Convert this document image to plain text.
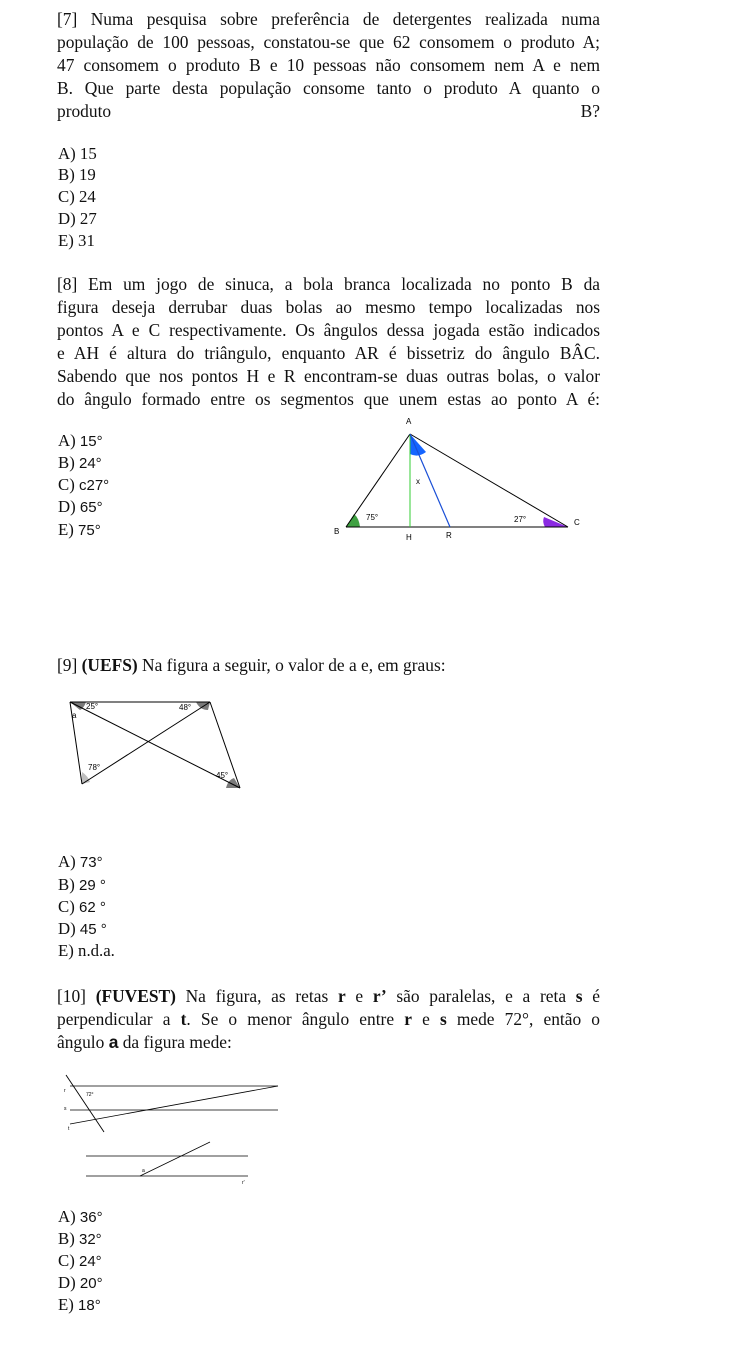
[7] Numa pesquisa sobre preferência de detergentes realizada numa
população de 100 pessoas, constatou-se que 62 consomem o produto A;
47 consomem o produto B e 10 pessoas não consomem nem A e nem
B. Que parte desta população consome tanto o produto A quanto o
produto B?
A) 15
B) 19
C) 24
D) 27
E) 31
[8] Em um jogo de sinuca, a bola branca localizada no ponto B da
figura deseja derrubar duas bolas ao mesmo tempo localizadas nos
pontos A e C respectivamente. Os ângulos dessa jogada estão indicados
e AH é altura do triângulo, enquanto AR é bissetriz do ângulo BÂC.
Sabendo que nos pontos H e R encontram-se duas outras bolas, o valor
do ângulo formado entre os segmentos que unem estas ao ponto A é:
A) 15°
B) 24°
C) c27°
D) 65°
E) 75°
A
B
C
H	R
x
75°	27°
[9] (UEFS) Na figura a seguir, o valor de a e, em graus:
25°
a
48°
78°
45°
A) 73°
B) 29 °
C) 62 °
D) 45 °
E) n.d.a.
[10] (FUVEST) Na figura, as retas r e r’ são paralelas, e a reta s é
perpendicular a t. Se o menor ângulo entre r e s mede 72°, então o
ângulo a da figura mede:
72°
r
s
t
r'
a
A) 36°
B) 32°
C) 24°
D) 20°
E) 18°
